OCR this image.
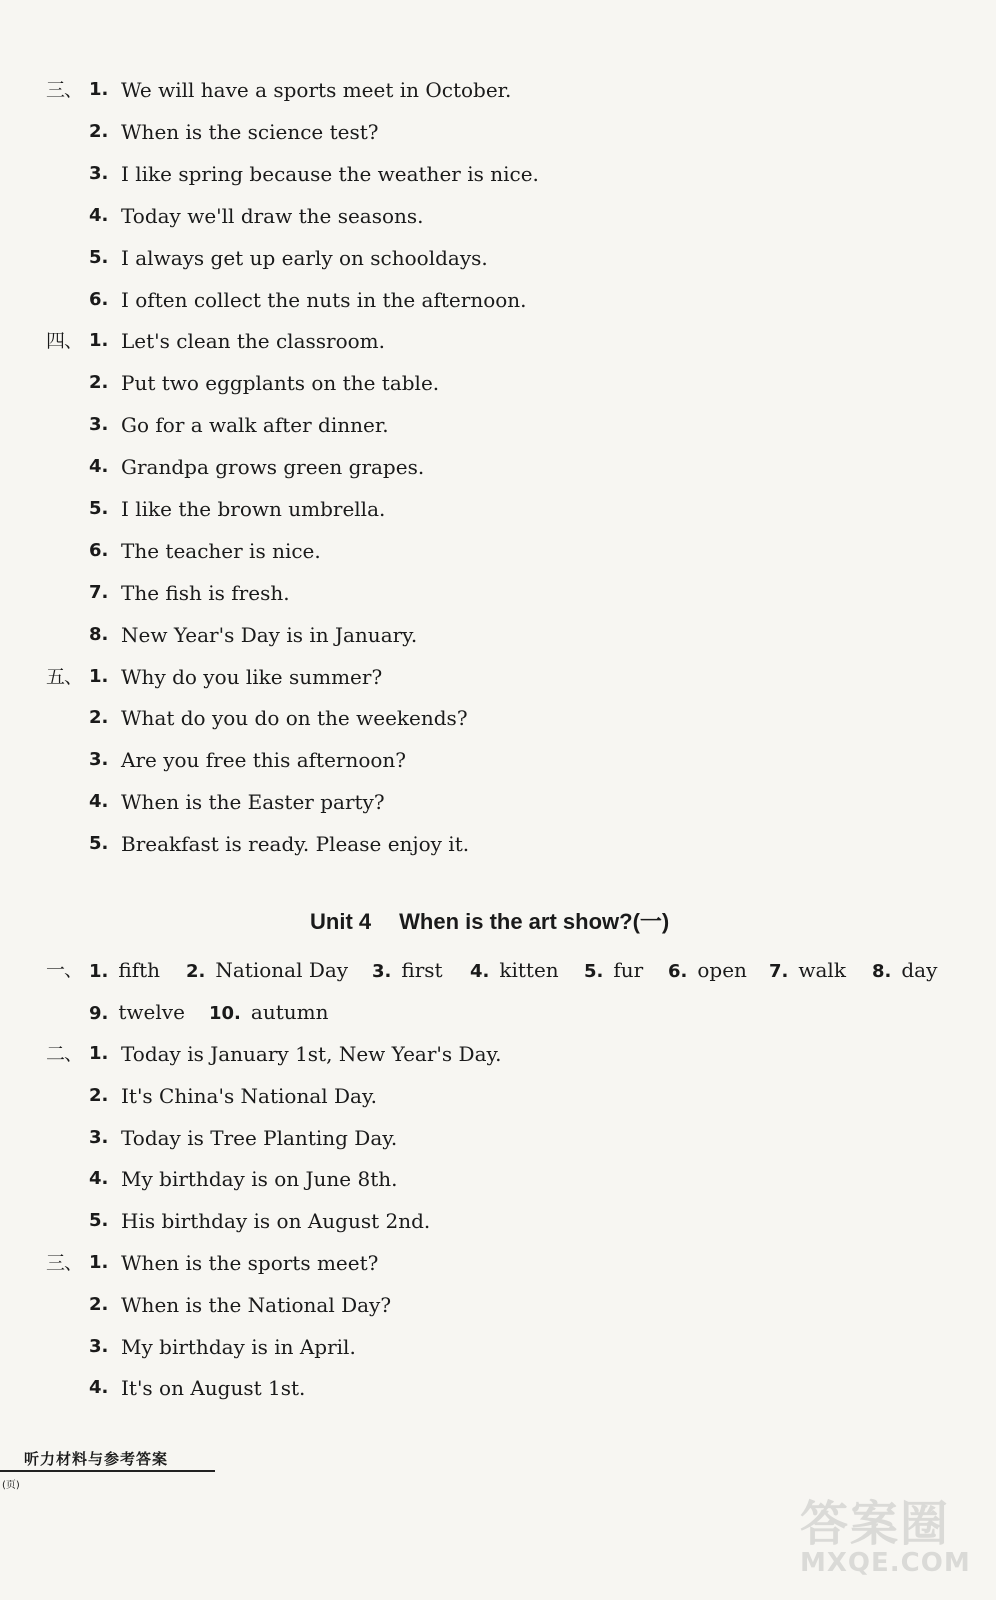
三、 1. We will have a sports meet in October.
2. When is the science test?
3. I like spring because the weather is nice.
4. Today we'll draw the seasons.
5. I always get up early on schooldays.
6. I often collect the nuts in the afternoon.
四、 1. Let's clean the classroom.
2. Put two eggplants on the table.
3. Go for a walk after dinner.
4. Grandpa grows green grapes.
5. I like the brown umbrella.
6. The teacher is nice.
7. The fish is fresh.
8. New Year's Day is in January.
五、 1. Why do you like summer?
2. What do you do on the weekends?
3. Are you free this afternoon?
4. When is the Easter party?
5. Breakfast is ready. Please enjoy it.
Unit 4 When is the art show?(一)
一、 1. fifth 2. National Day 3. first 4. kitten 5. fur 6. open 7. walk 8. day
9. twelve 10. autumn
二、 1. Today is January 1st, New Year's Day.
2. It's China's National Day.
3. Today is Tree Planting Day.
4. My birthday is on June 8th.
5. His birthday is on August 2nd.
三、 1. When is the sports meet?
2. When is the National Day?
3. My birthday is in April.
4. It's on August 1st.
听力材料与参考答案
(页)
答案圈
MXQE.COM
